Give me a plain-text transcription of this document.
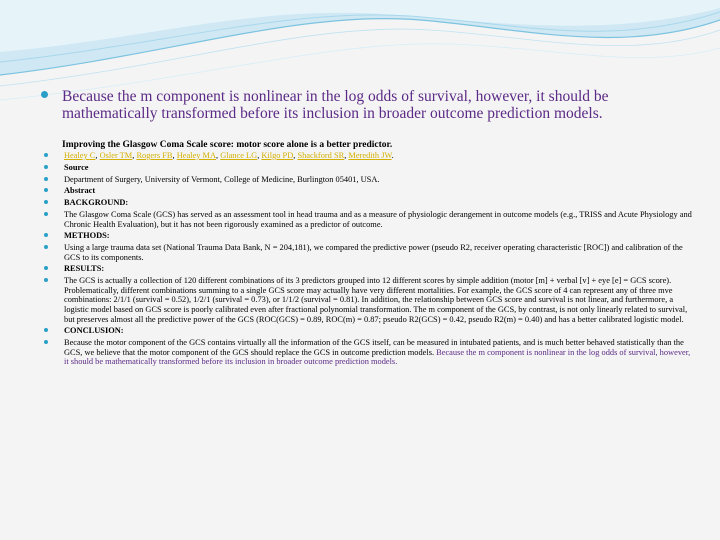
Because the m component is nonlinear in the log odds of survival, however, it should be mathematically transformed before its inclusion in broader outcome prediction models.
Improving the Glasgow Coma Scale score: motor score alone is a better predictor.
Healey C, Osler TM, Rogers FB, Healey MA, Glance LG, Kilgo PD, Shackford SR, Meredith JW.
Source
Department of Surgery, University of Vermont, College of Medicine, Burlington 05401, USA.
Abstract
BACKGROUND:
The Glasgow Coma Scale (GCS) has served as an assessment tool in head trauma and as a measure of physiologic derangement in outcome models (e.g., TRISS and Acute Physiology and Chronic Health Evaluation), but it has not been rigorously examined as a predictor of outcome.
METHODS:
Using a large trauma data set (National Trauma Data Bank, N = 204,181), we compared the predictive power (pseudo R2, receiver operating characteristic [ROC]) and calibration of the GCS to its components.
RESULTS:
The GCS is actually a collection of 120 different combinations of its 3 predictors grouped into 12 different scores by simple addition (motor [m] + verbal [v] + eye [e] = GCS score). Problematically, different combinations summing to a single GCS score may actually have very different mortalities. For example, the GCS score of 4 can represent any of three mve combinations: 2/1/1 (survival = 0.52), 1/2/1 (survival = 0.73), or 1/1/2 (survival = 0.81). In addition, the relationship between GCS score and survival is not linear, and furthermore, a logistic model based on GCS score is poorly calibrated even after fractional polynomial transformation. The m component of the GCS, by contrast, is not only linearly related to survival, but preserves almost all the predictive power of the GCS (ROC(GCS) = 0.89, ROC(m) = 0.87; pseudo R2(GCS) = 0.42, pseudo R2(m) = 0.40) and has a better calibrated logistic model.
CONCLUSION:
Because the motor component of the GCS contains virtually all the information of the GCS itself, can be measured in intubated patients, and is much better behaved statistically than the GCS, we believe that the motor component of the GCS should replace the GCS in outcome prediction models. Because the m component is nonlinear in the log odds of survival, however, it should be mathematically transformed before its inclusion in broader outcome prediction models.
